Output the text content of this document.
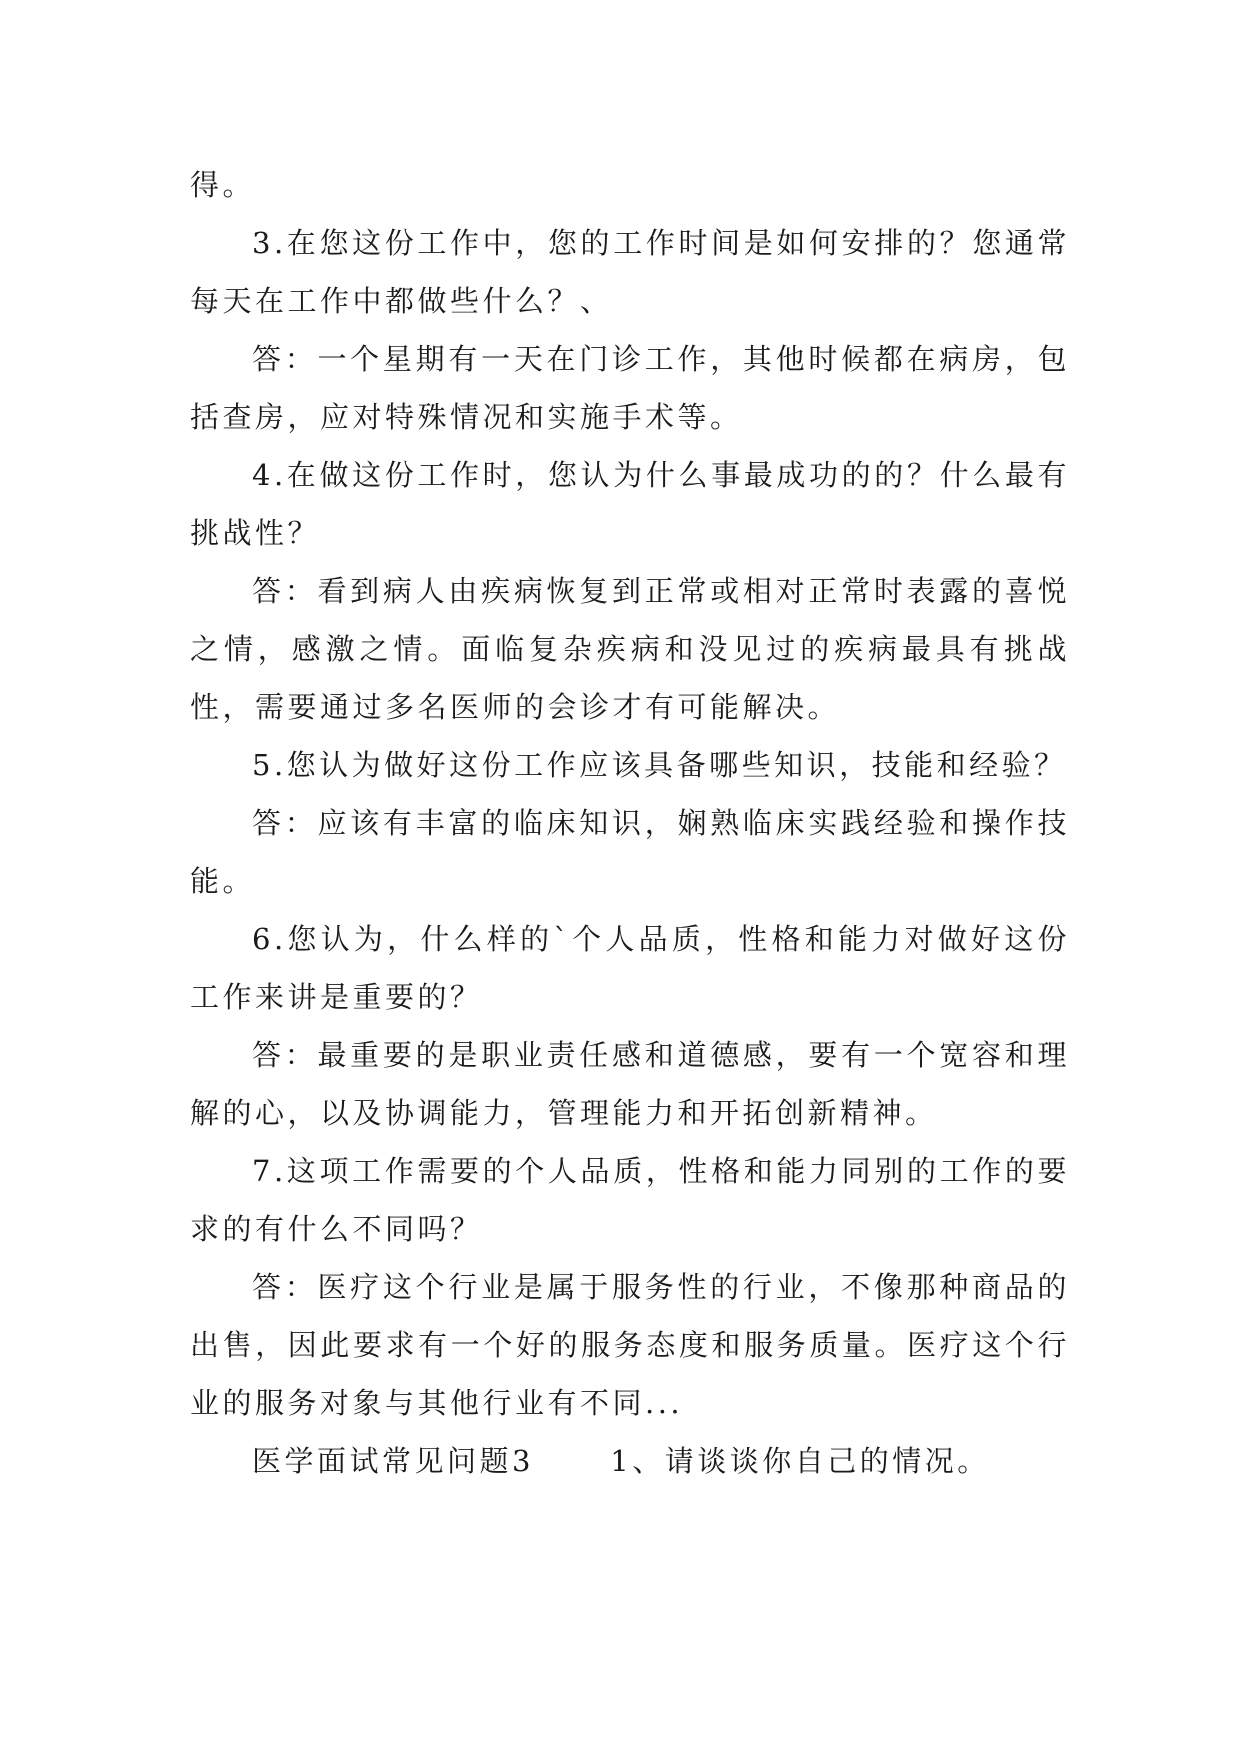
得。

3.在您这份工作中，您的工作时间是如何安排的？您通常每天在工作中都做些什么？、

答：一个星期有一天在门诊工作，其他时候都在病房，包括查房，应对特殊情况和实施手术等。

4.在做这份工作时，您认为什么事最成功的的？什么最有挑战性？

答：看到病人由疾病恢复到正常或相对正常时表露的喜悦之情，感激之情。面临复杂疾病和没见过的疾病最具有挑战性，需要通过多名医师的会诊才有可能解决。

5.您认为做好这份工作应该具备哪些知识，技能和经验？

答：应该有丰富的临床知识，娴熟临床实践经验和操作技能。

6.您认为，什么样的`个人品质，性格和能力对做好这份工作来讲是重要的？

答：最重要的是职业责任感和道德感，要有一个宽容和理解的心，以及协调能力，管理能力和开拓创新精神。

7.这项工作需要的个人品质，性格和能力同别的工作的要求的有什么不同吗？

答：医疗这个行业是属于服务性的行业，不像那种商品的出售，因此要求有一个好的服务态度和服务质量。医疗这个行业的服务对象与其他行业有不同...

医学面试常见问题3	1、请谈谈你自己的情况。
